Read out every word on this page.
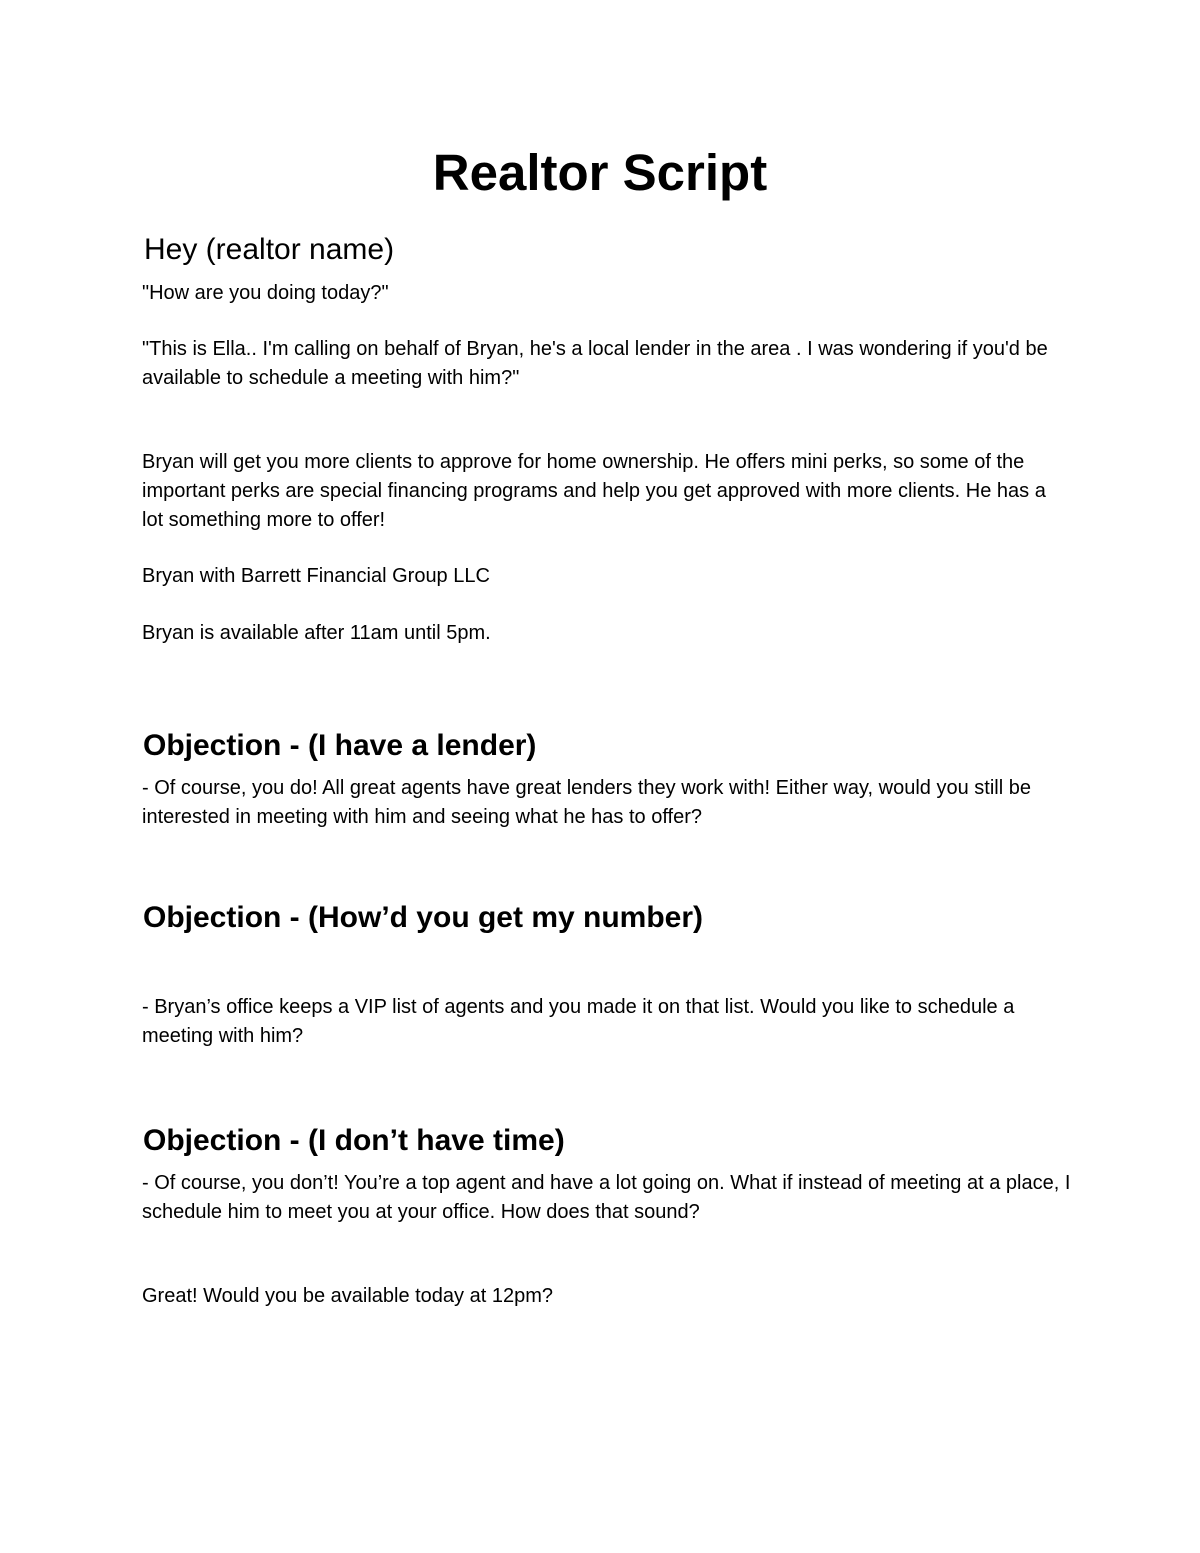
Realtor Script
Hey (realtor name)

"How are you doing today?"

"This is Ella.. I'm calling on behalf of Bryan, he's a local lender in the area . I was wondering if you'd be available to schedule a meeting with him?"

Bryan will get you more clients to approve for home ownership. He offers mini perks, so some of the important perks are special financing programs and help you get approved with more clients. He has a lot something more to offer!

Bryan with Barrett Financial Group LLC

Bryan is available after 11am until 5pm.

Objection - (I have a lender)

- Of course, you do! All great agents have great lenders they work with! Either way, would you still be interested in meeting with him and seeing what he has to offer?

Objection - (How’d you get my number)

- Bryan’s office keeps a VIP list of agents and you made it on that list. Would you like to schedule a meeting with him?

Objection - (I don’t have time)

- Of course, you don’t! You’re a top agent and have a lot going on. What if instead of meeting at a place, I schedule him to meet you at your office. How does that sound?

Great! Would you be available today at 12pm?
